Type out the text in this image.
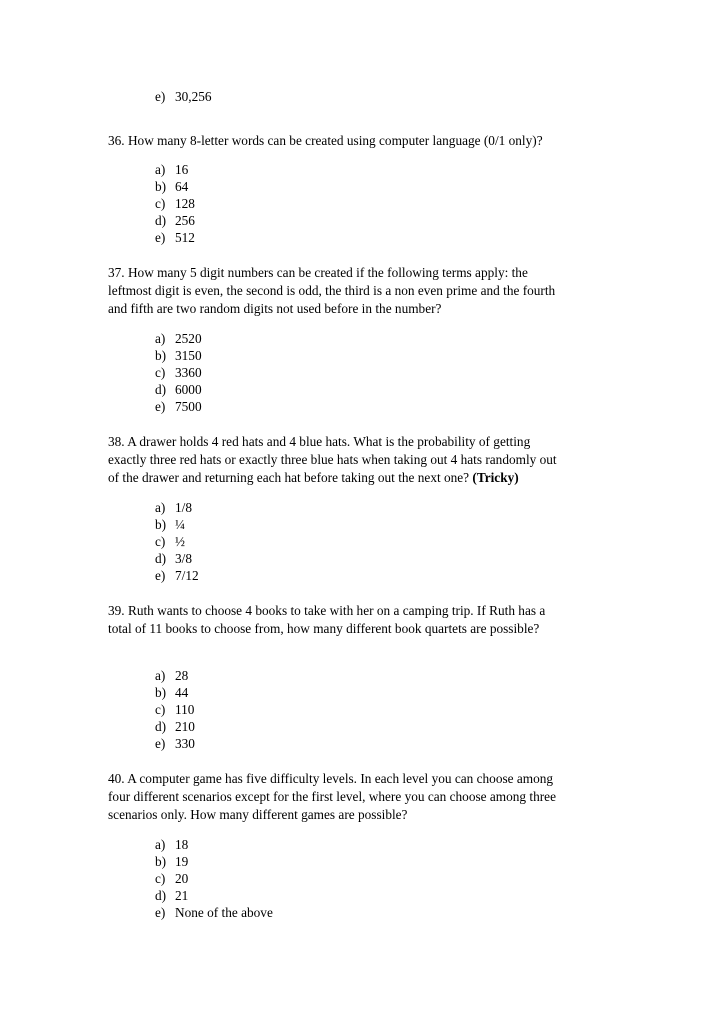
e) 30,256

36. How many 8-letter words can be created using computer language (0/1 only)?

a) 16
b) 64
c) 128
d) 256
e) 512

37. How many 5 digit numbers can be created if the following terms apply: the
leftmost digit is even, the second is odd, the third is a non even prime and the fourth
and fifth are two random digits not used before in the number?

a) 2520
b) 3150
c) 3360
d) 6000
e) 7500

38. A drawer holds 4 red hats and 4 blue hats. What is the probability of getting
exactly three red hats or exactly three blue hats when taking out 4 hats randomly out
of the drawer and returning each hat before taking out the next one? (Tricky)

a) 1/8
b) ¼
c) ½
d) 3/8
e) 7/12

39. Ruth wants to choose 4 books to take with her on a camping trip. If Ruth has a
total of 11 books to choose from, how many different book quartets are possible?

a) 28
b) 44
c) 110
d) 210
e) 330

40. A computer game has five difficulty levels. In each level you can choose among
four different scenarios except for the first level, where you can choose among three
scenarios only. How many different games are possible?

a) 18
b) 19
c) 20
d) 21
e) None of the above
